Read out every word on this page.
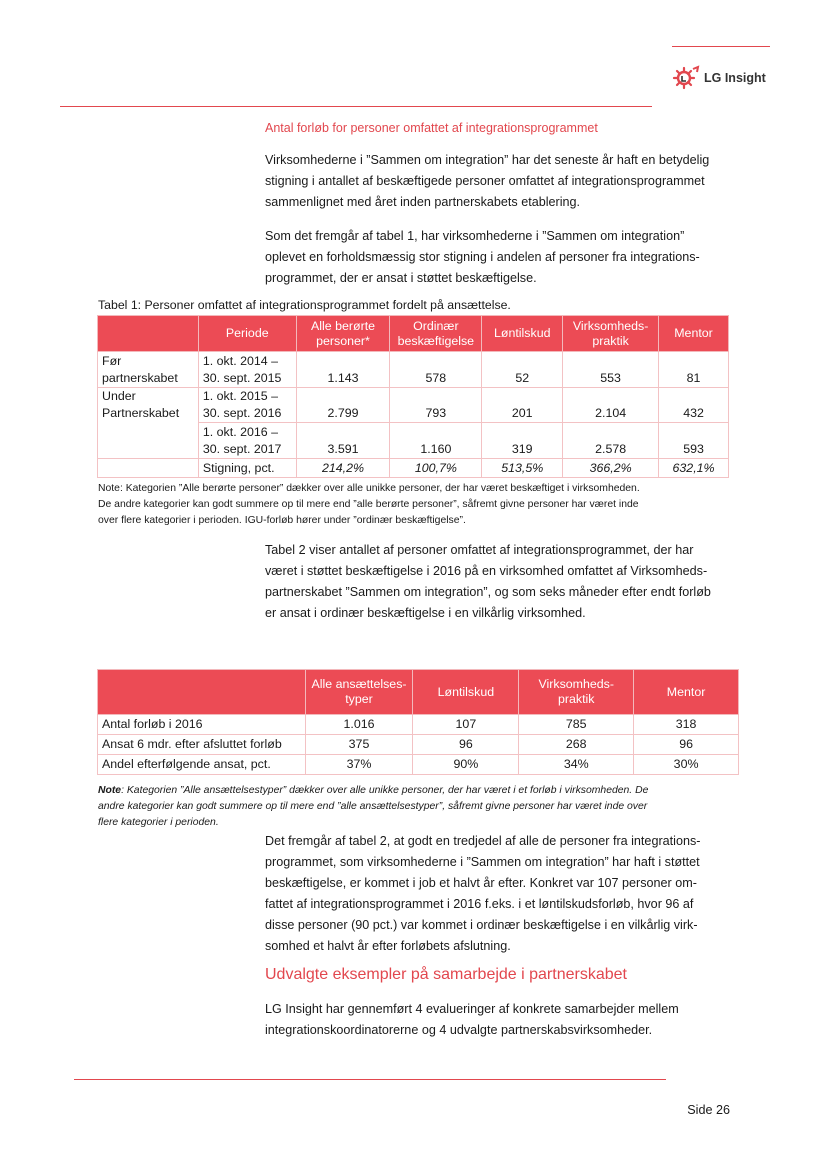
LG Insight
Antal forløb for personer omfattet af integrationsprogrammet
Virksomhederne i ”Sammen om integration” har det seneste år haft en betydelig
stigning i antallet af beskæftigede personer omfattet af integrationsprogrammet
sammenlignet med året inden partnerskabets etablering.
Som det fremgår af tabel 1, har virksomhederne i ”Sammen om integration”
oplevet en forholdsmæssig stor stigning i andelen af personer fra integrations-
programmet, der er ansat i støttet beskæftigelse.
Tabel 1: Personer omfattet af integrationsprogrammet fordelt på ansættelse.
	Periode	Alle berørte
personer*	Ordinær
beskæftigelse	Løntilskud	Virksomheds-
praktik	Mentor
Før
partnerskabet	1. okt. 2014 –
30. sept. 2015	1.143	578	52	553	81
Under
Partnerskabet	1. okt. 2015 –
30. sept. 2016	2.799	793	201	2.104	432
	1. okt. 2016 –
30. sept. 2017	3.591	1.160	319	2.578	593
	Stigning, pct.	214,2%	100,7%	513,5%	366,2%	632,1%
Note: Kategorien ”Alle berørte personer” dækker over alle unikke personer, der har været beskæftiget i virksomheden.
De andre kategorier kan godt summere op til mere end ”alle berørte personer”, såfremt givne personer har været inde
over flere kategorier i perioden. IGU-forløb hører under ”ordinær beskæftigelse”.
Tabel 2 viser antallet af personer omfattet af integrationsprogrammet, der har
været i støttet beskæftigelse i 2016 på en virksomhed omfattet af Virksomheds-
partnerskabet ”Sammen om integration”, og som seks måneder efter endt forløb
er ansat i ordinær beskæftigelse i en vilkårlig virksomhed.
	Alle ansættelses-
typer	Løntilskud	Virksomheds-
praktik	Mentor
Antal forløb i 2016	1.016	107	785	318
Ansat 6 mdr. efter afsluttet forløb	375	96	268	96
Andel efterfølgende ansat, pct.	37%	90%	34%	30%
Note: Kategorien ”Alle ansættelsestyper” dækker over alle unikke personer, der har været i et forløb i virksomheden. De
andre kategorier kan godt summere op til mere end ”alle ansættelsestyper”, såfremt givne personer har været inde over
flere kategorier i perioden.
Det fremgår af tabel 2, at godt en tredjedel af alle de personer fra integrations-
programmet, som virksomhederne i ”Sammen om integration” har haft i støttet
beskæftigelse, er kommet i job et halvt år efter. Konkret var 107 personer om-
fattet af integrationsprogrammet i 2016 f.eks. i et løntilskudsforløb, hvor 96 af
disse personer (90 pct.) var kommet i ordinær beskæftigelse i en vilkårlig virk-
somhed et halvt år efter forløbets afslutning.
Udvalgte eksempler på samarbejde i partnerskabet
LG Insight har gennemført 4 evalueringer af konkrete samarbejder mellem
integrationskoordinatorerne og 4 udvalgte partnerskabsvirksomheder.
Side 26
